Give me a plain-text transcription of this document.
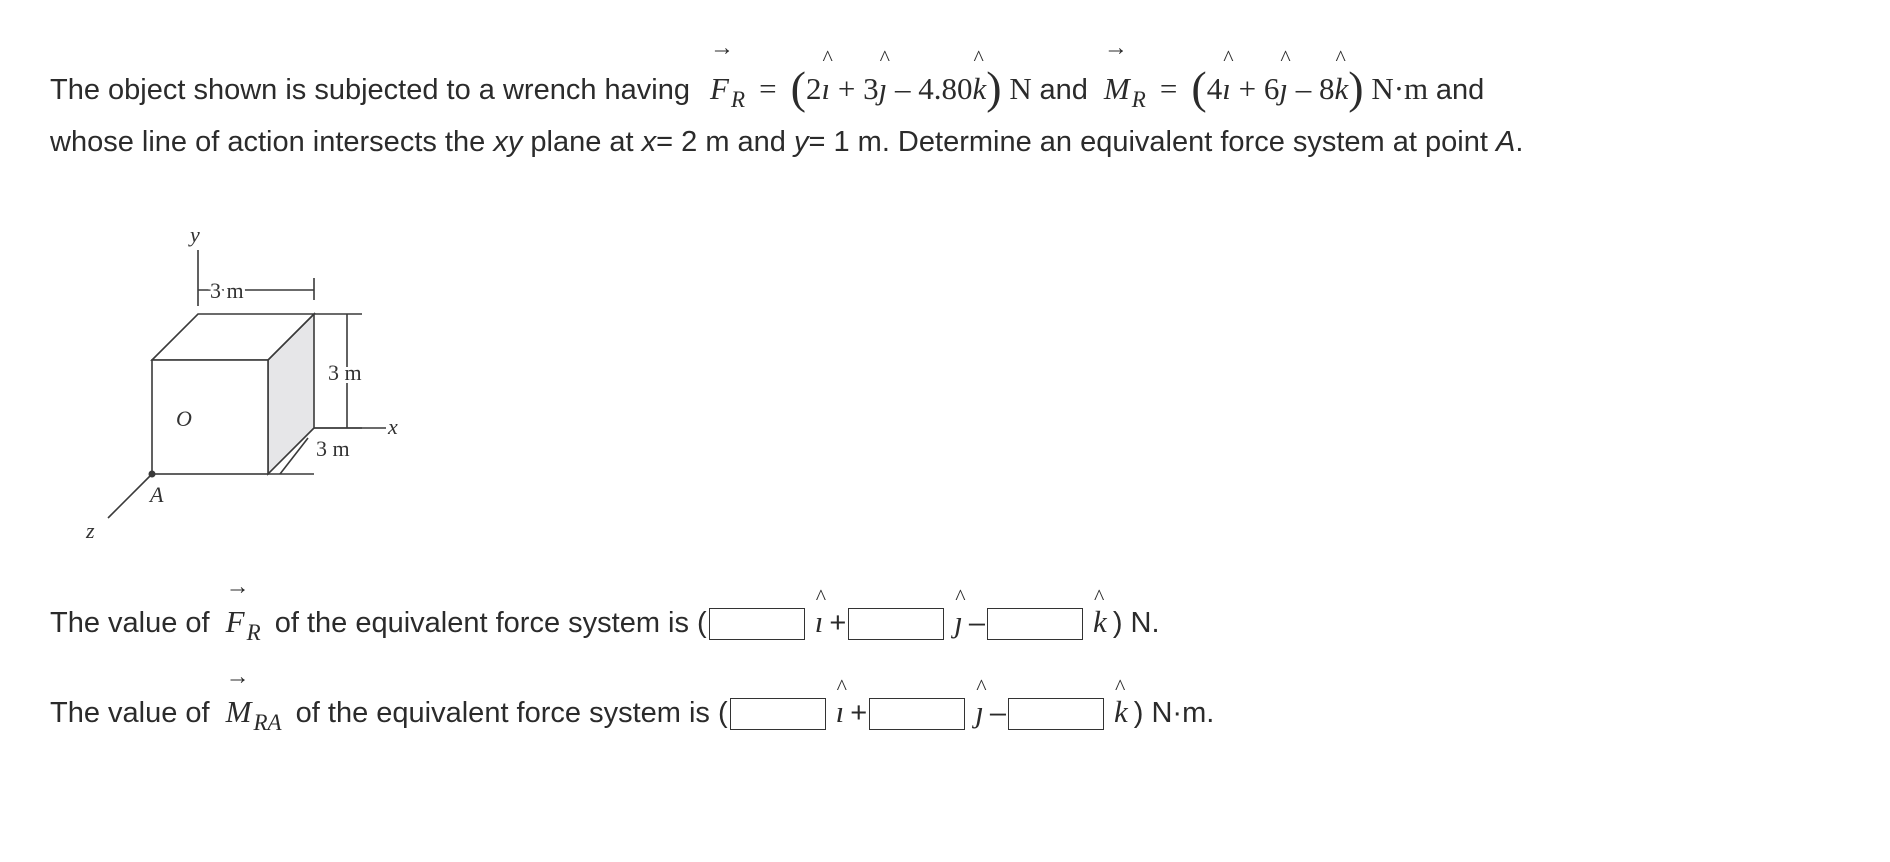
The object shown is subjected to a wrench having
→
$F_R = (2$
^
ı + 3
^
ȷ – 4.80
^
k) N and
→
$M_R = (4$
^
ı + 6
^
ȷ – 8
^
k) N·m and
whose line of action intersects the xy plane at x= 2 m and y= 1 m. Determine an equivalent force system at point A.
y
x
z
O
A
3 m
3 m
3 m
The value of
→
$F_R$ of the equivalent force system is (
^
ı +
^
ȷ –
^
k ) N.
The value of
→
$M_{RA}$ of the equivalent force system is (
^
ı +
^
ȷ –
^
k ) N·m.
